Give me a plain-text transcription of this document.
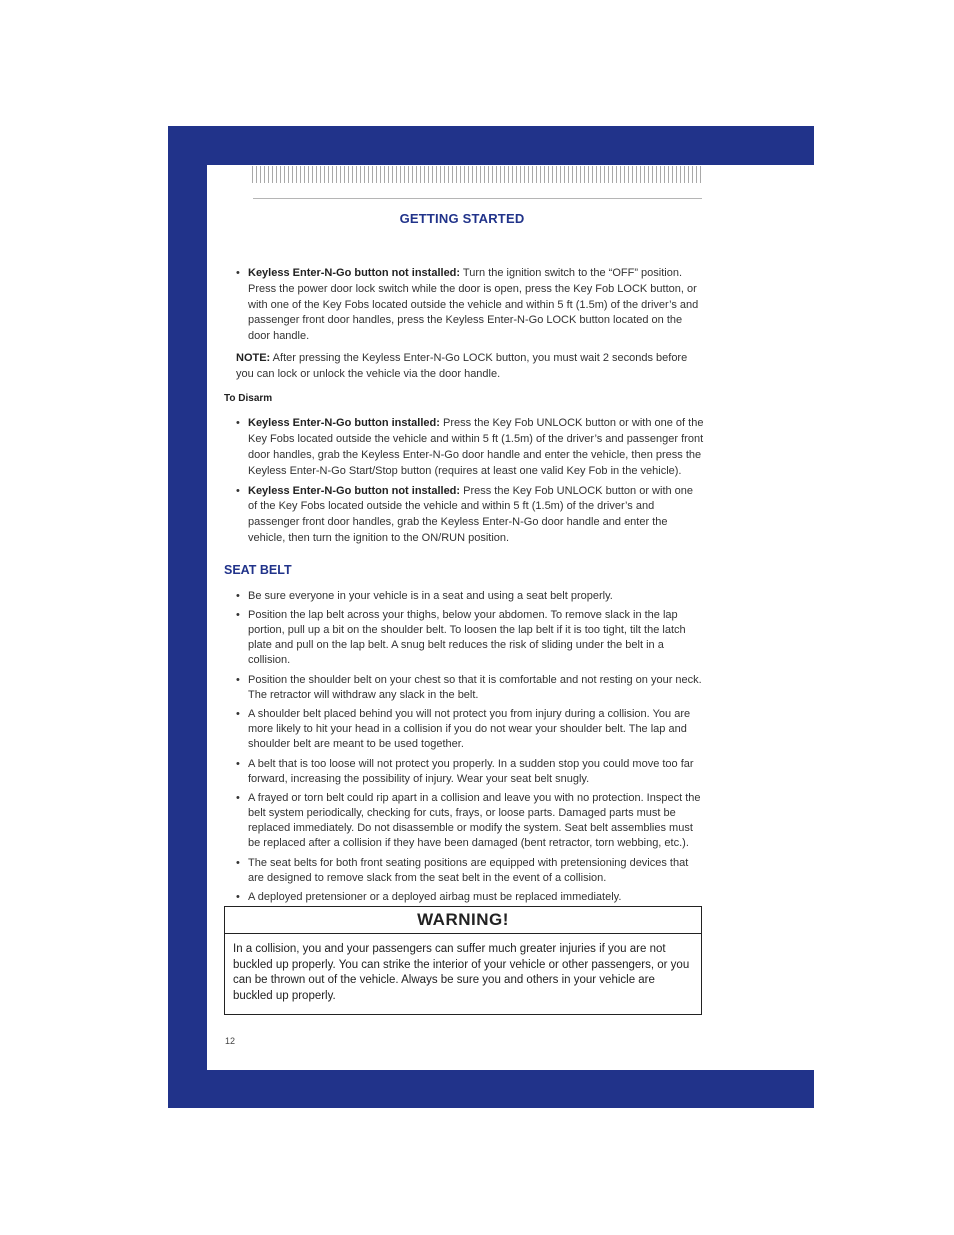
GETTING STARTED
• Keyless Enter-N-Go button not installed: Turn the ignition switch to the “OFF” position. Press the power door lock switch while the door is open, press the Key Fob LOCK button, or with one of the Key Fobs located outside the vehicle and within 5 ft (1.5m) of the driver’s and passenger front door handles, press the Keyless Enter-N-Go LOCK button located on the door handle.
NOTE: After pressing the Keyless Enter-N-Go LOCK button, you must wait 2 seconds before you can lock or unlock the vehicle via the door handle.
To Disarm
• Keyless Enter-N-Go button installed: Press the Key Fob UNLOCK button or with one of the Key Fobs located outside the vehicle and within 5 ft (1.5m) of the driver’s and passenger front door handles, grab the Keyless Enter-N-Go door handle and enter the vehicle, then press the Keyless Enter-N-Go Start/Stop button (requires at least one valid Key Fob in the vehicle).
• Keyless Enter-N-Go button not installed: Press the Key Fob UNLOCK button or with one of the Key Fobs located outside the vehicle and within 5 ft (1.5m) of the driver’s and passenger front door handles, grab the Keyless Enter-N-Go door handle and enter the vehicle, then turn the ignition to the ON/RUN position.
SEAT BELT
• Be sure everyone in your vehicle is in a seat and using a seat belt properly.
• Position the lap belt across your thighs, below your abdomen. To remove slack in the lap portion, pull up a bit on the shoulder belt. To loosen the lap belt if it is too tight, tilt the latch plate and pull on the lap belt. A snug belt reduces the risk of sliding under the belt in a collision.
• Position the shoulder belt on your chest so that it is comfortable and not resting on your neck. The retractor will withdraw any slack in the belt.
• A shoulder belt placed behind you will not protect you from injury during a collision. You are more likely to hit your head in a collision if you do not wear your shoulder belt. The lap and shoulder belt are meant to be used together.
• A belt that is too loose will not protect you properly. In a sudden stop you could move too far forward, increasing the possibility of injury. Wear your seat belt snugly.
• A frayed or torn belt could rip apart in a collision and leave you with no protection. Inspect the belt system periodically, checking for cuts, frays, or loose parts. Damaged parts must be replaced immediately. Do not disassemble or modify the system. Seat belt assemblies must be replaced after a collision if they have been damaged (bent retractor, torn webbing, etc.).
• The seat belts for both front seating positions are equipped with pretensioning devices that are designed to remove slack from the seat belt in the event of a collision.
• A deployed pretensioner or a deployed airbag must be replaced immediately.
WARNING!
In a collision, you and your passengers can suffer much greater injuries if you are not buckled up properly. You can strike the interior of your vehicle or other passengers, or you can be thrown out of the vehicle. Always be sure you and others in your vehicle are buckled up properly.
12
